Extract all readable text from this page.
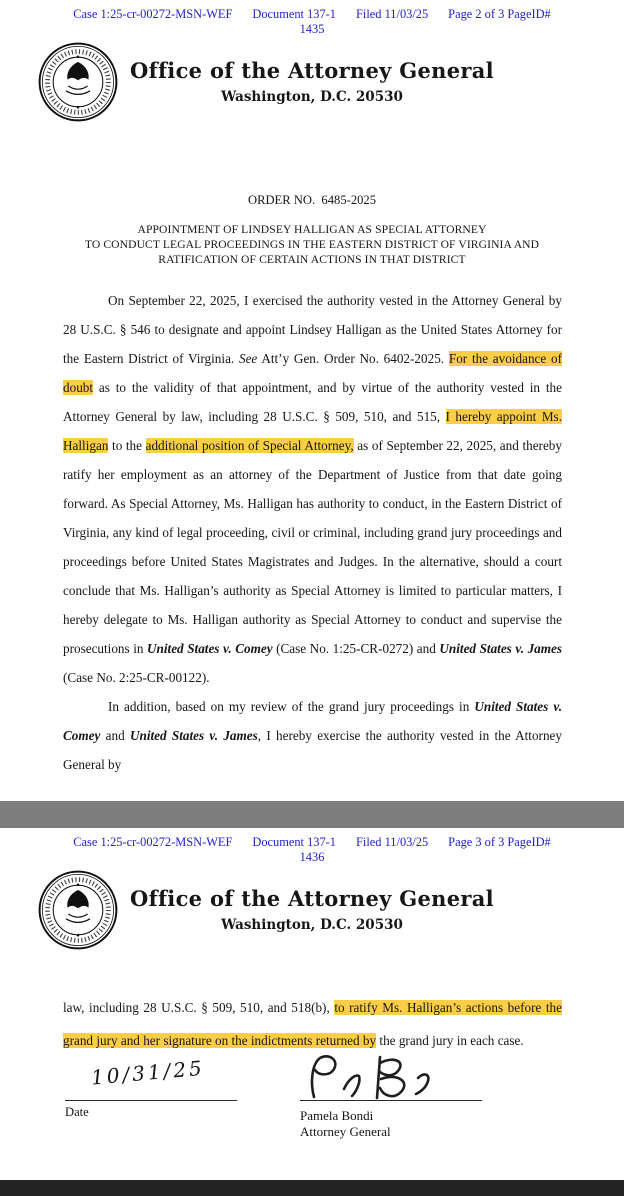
Case 1:25-cr-00272-MSN-WEF Document 137-1 Filed 11/03/25 Page 2 of 3 PageID#
1435
Office of the Attorney General
Washington, D.C. 20530
ORDER NO.  6485-2025
APPOINTMENT OF LINDSEY HALLIGAN AS SPECIAL ATTORNEY
TO CONDUCT LEGAL PROCEEDINGS IN THE EASTERN DISTRICT OF VIRGINIA AND
RATIFICATION OF CERTAIN ACTIONS IN THAT DISTRICT

On September 22, 2025, I exercised the authority vested in the Attorney General by 28 U.S.C. § 546 to designate and appoint Lindsey Halligan as the United States Attorney for the Eastern District of Virginia. See Att’y Gen. Order No. 6402-2025. For the avoidance of doubt as to the validity of that appointment, and by virtue of the authority vested in the Attorney General by law, including 28 U.S.C. § 509, 510, and 515, I hereby appoint Ms. Halligan to the additional position of Special Attorney, as of September 22, 2025, and thereby ratify her employment as an attorney of the Department of Justice from that date going forward. As Special Attorney, Ms. Halligan has authority to conduct, in the Eastern District of Virginia, any kind of legal proceeding, civil or criminal, including grand jury proceedings and proceedings before United States Magistrates and Judges. In the alternative, should a court conclude that Ms. Halligan’s authority as Special Attorney is limited to particular matters, I hereby delegate to Ms. Halligan authority as Special Attorney to conduct and supervise the prosecutions in United States v. Comey (Case No. 1:25-CR-0272) and United States v. James (Case No. 2:25-CR-00122).

In addition, based on my review of the grand jury proceedings in United States v. Comey and United States v. James, I hereby exercise the authority vested in the Attorney General by

Case 1:25-cr-00272-MSN-WEF Document 137-1 Filed 11/03/25 Page 3 of 3 PageID#
1436
Office of the Attorney General
Washington, D.C. 20530

law, including 28 U.S.C. § 509, 510, and 518(b), to ratify Ms. Halligan’s actions before the grand jury and her signature on the indictments returned by the grand jury in each case.

10/31/25
Date	Pamela Bondi
Attorney General
